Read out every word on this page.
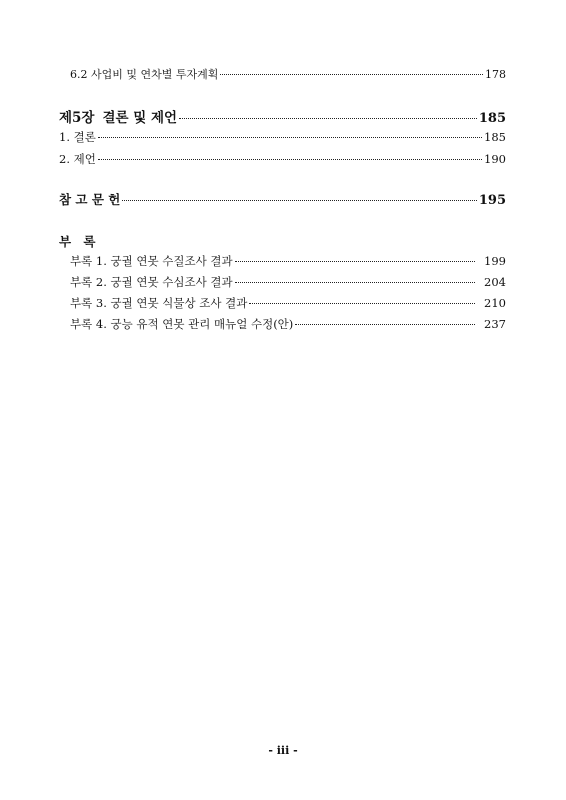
6.2 사업비 및 연차별 투자계획	178
제5장 결론 및 제언	185
1. 결론	185
2. 제언	190
참 고 문 헌	195
부 록
부록 1. 궁궐 연못 수질조사 결과	199
부록 2. 궁궐 연못 수심조사 결과	204
부록 3. 궁궐 연못 식물상 조사 결과	210
부록 4. 궁능 유적 연못 관리 매뉴얼 수정(안)	237
- iii -
